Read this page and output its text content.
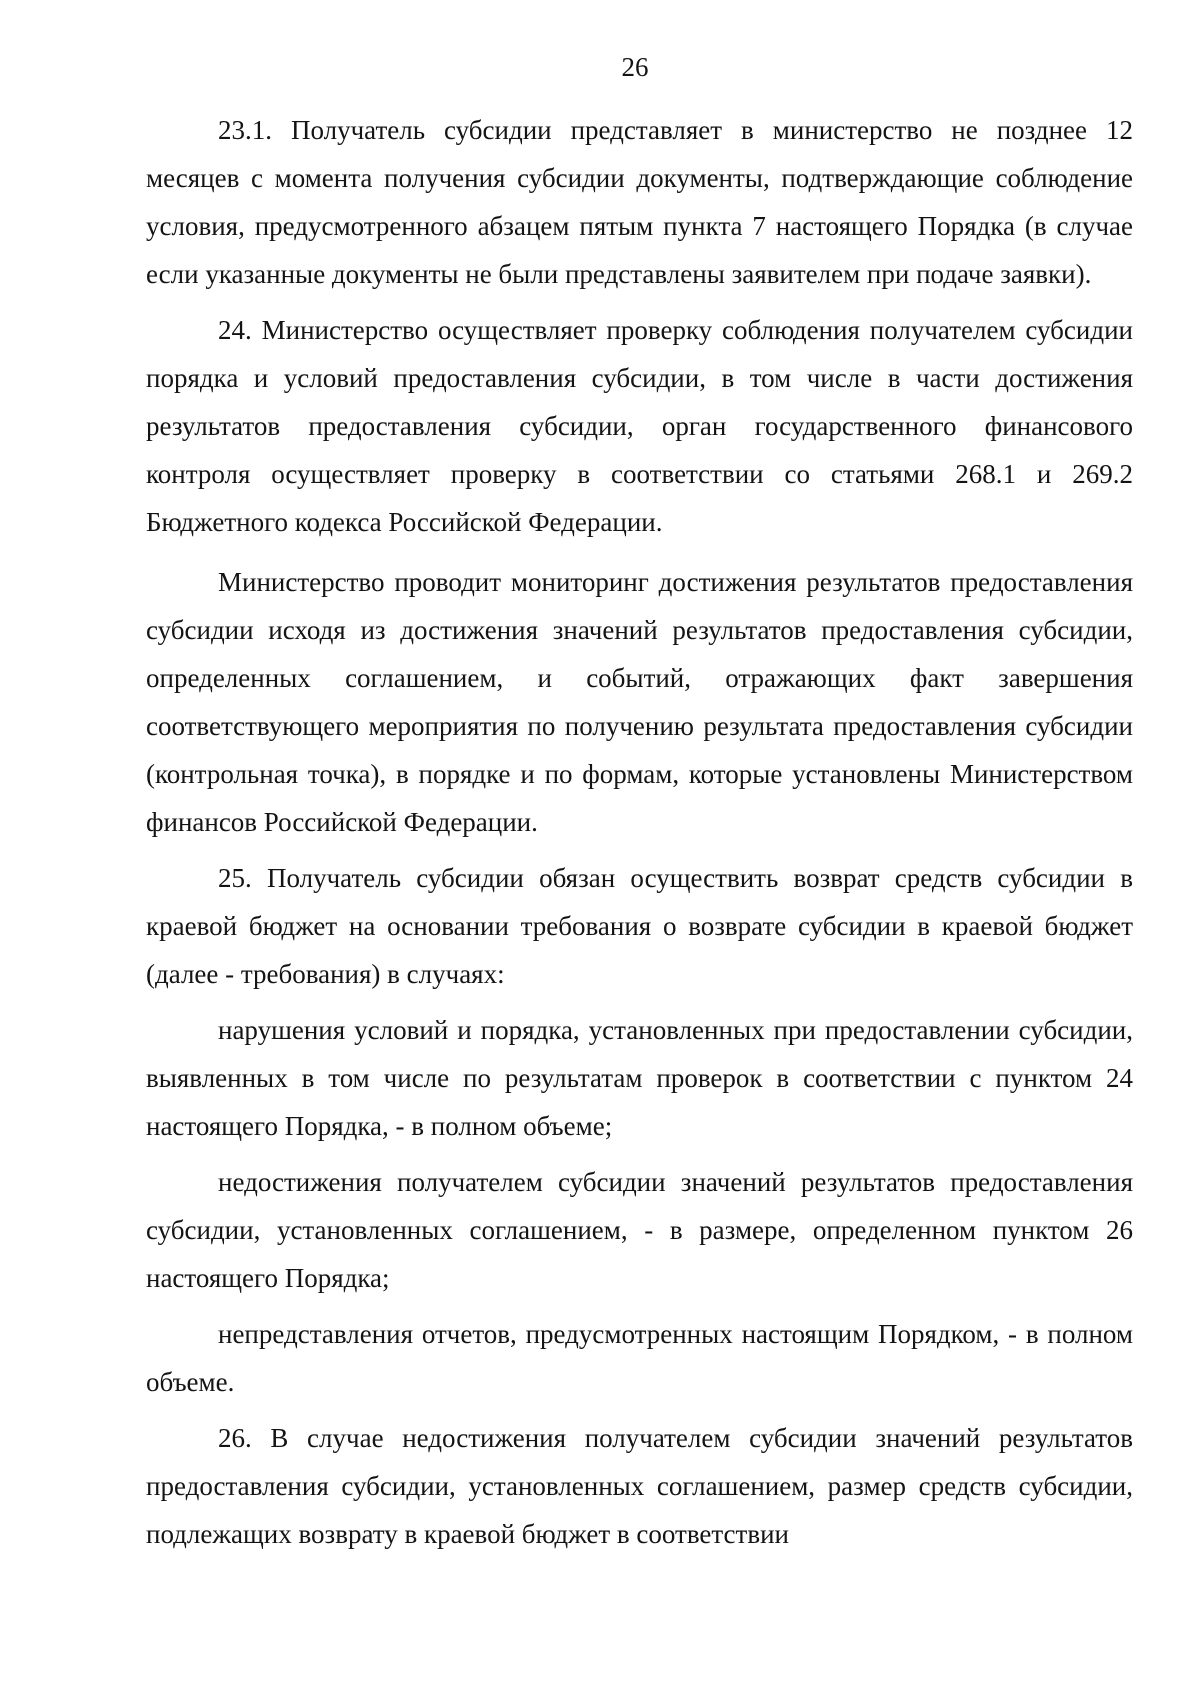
26

23.1. Получатель субсидии представляет в министерство не позднее 12 месяцев с момента получения субсидии документы, подтверждающие соблюдение условия, предусмотренного абзацем пятым пункта 7 настоящего Порядка (в случае если указанные документы не были представлены заявителем при подаче заявки).

24. Министерство осуществляет проверку соблюдения получателем субсидии порядка и условий предоставления субсидии, в том числе в части достижения результатов предоставления субсидии, орган государственного финансового контроля осуществляет проверку в соответствии со статьями 268.1 и 269.2 Бюджетного кодекса Российской Федерации.

Министерство проводит мониторинг достижения результатов предоставления субсидии исходя из достижения значений результатов предоставления субсидии, определенных соглашением, и событий, отражающих факт завершения соответствующего мероприятия по получению результата предоставления субсидии (контрольная точка), в порядке и по формам, которые установлены Министерством финансов Российской Федерации.

25. Получатель субсидии обязан осуществить возврат средств субсидии в краевой бюджет на основании требования о возврате субсидии в краевой бюджет (далее - требования) в случаях:

нарушения условий и порядка, установленных при предоставлении субсидии, выявленных в том числе по результатам проверок в соответствии с пунктом 24 настоящего Порядка, - в полном объеме;

недостижения получателем субсидии значений результатов предоставления субсидии, установленных соглашением, - в размере, определенном пунктом 26 настоящего Порядка;

непредставления отчетов, предусмотренных настоящим Порядком, - в полном объеме.

26. В случае недостижения получателем субсидии значений результатов предоставления субсидии, установленных соглашением, размер средств субсидии, подлежащих возврату в краевой бюджет в соответствии
